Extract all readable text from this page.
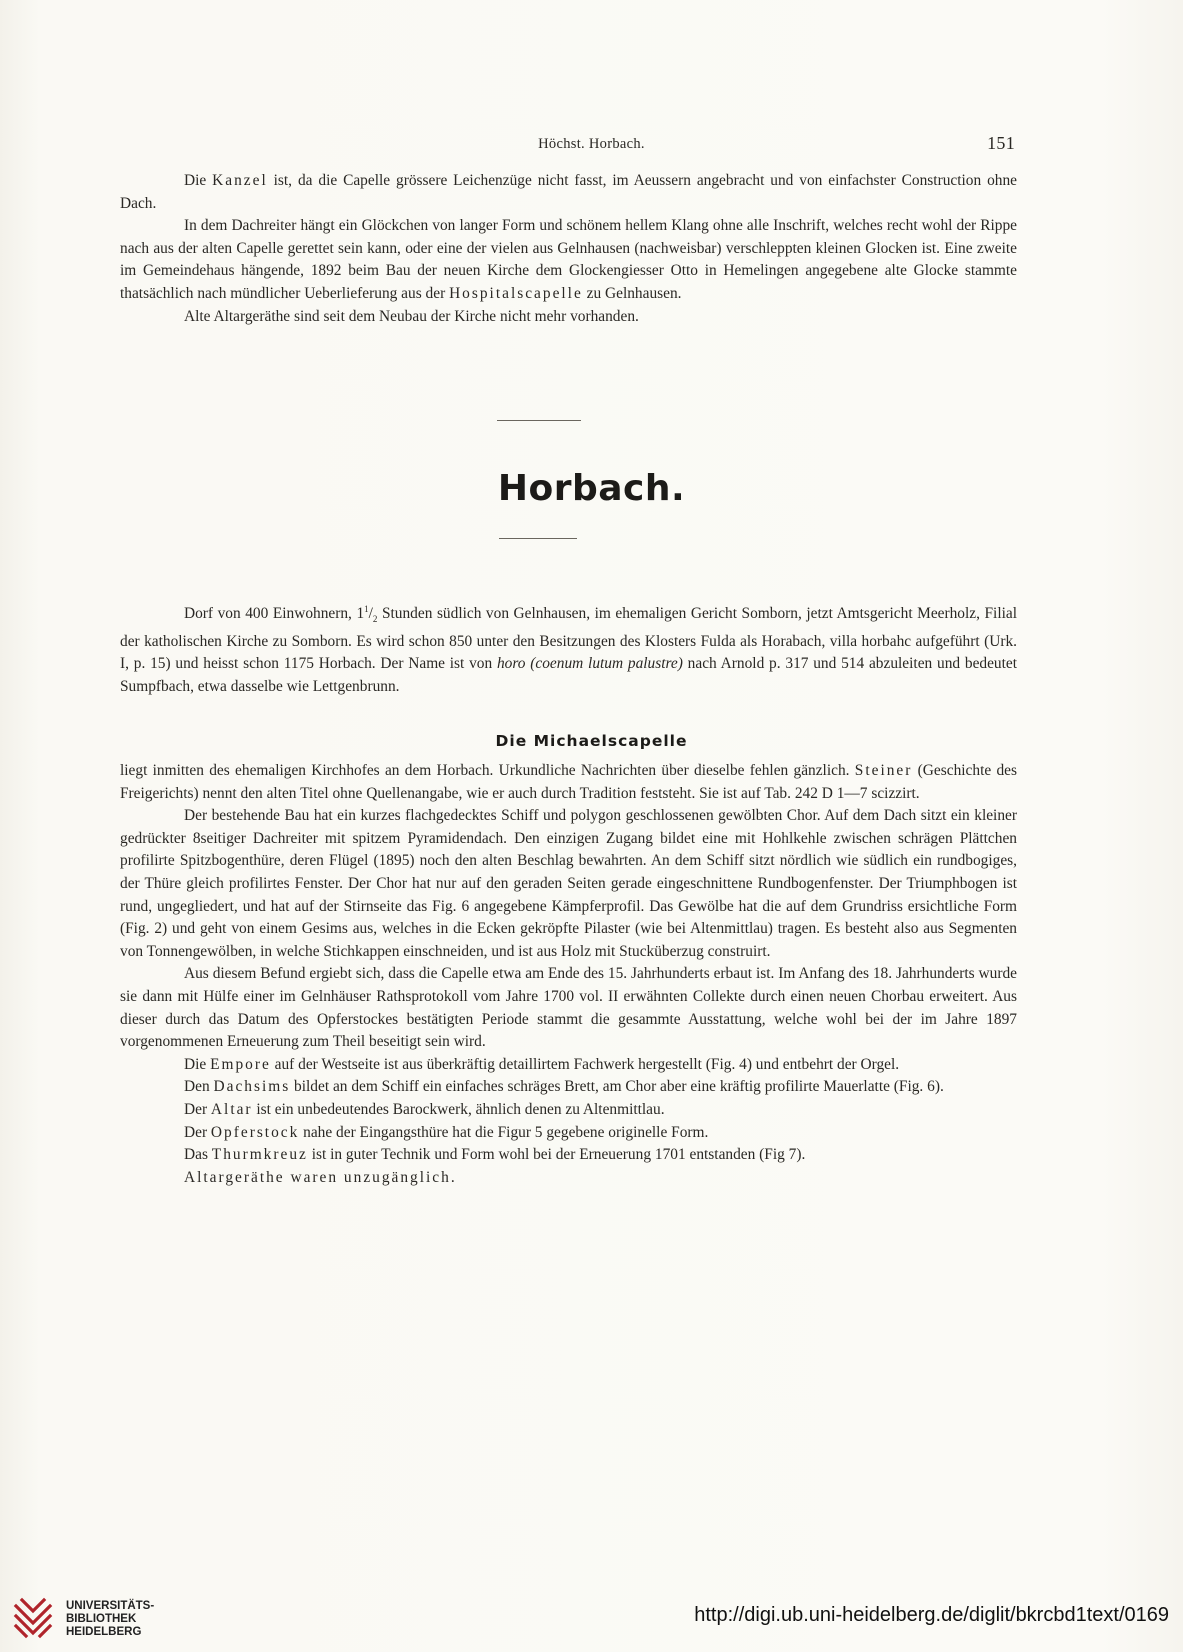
Höchst. Horbach.	151

Die Kanzel ist, da die Capelle grössere Leichenzüge nicht fasst, im Aeussern angebracht und von einfachster Construction ohne Dach.

In dem Dachreiter hängt ein Glöckchen von langer Form und schönem hellem Klang ohne alle Inschrift, welches recht wohl der Rippe nach aus der alten Capelle gerettet sein kann, oder eine der vielen aus Gelnhausen (nachweisbar) verschleppten kleinen Glocken ist. Eine zweite im Gemeindehaus hängende, 1892 beim Bau der neuen Kirche dem Glockengiesser Otto in Hemelingen angegebene alte Glocke stammte thatsächlich nach mündlicher Ueberlieferung aus der Hospitalscapelle zu Gelnhausen.

Alte Altargeräthe sind seit dem Neubau der Kirche nicht mehr vorhanden.

Horbach.

Dorf von 400 Einwohnern, $1^1/_2$ Stunden südlich von Gelnhausen, im ehemaligen Gericht Somborn, jetzt Amtsgericht Meerholz, Filial der katholischen Kirche zu Somborn. Es wird schon 850 unter den Besitzungen des Klosters Fulda als Horabach, villa horbahc aufgeführt (Urk. I, p. 15) und heisst schon 1175 Horbach. Der Name ist von horo (coenum lutum palustre) nach Arnold p. 317 und 514 abzuleiten und bedeutet Sumpfbach, etwa dasselbe wie Lettgenbrunn.

Die Michaelscapelle

liegt inmitten des ehemaligen Kirchhofes an dem Horbach. Urkundliche Nachrichten über dieselbe fehlen gänzlich. Steiner (Geschichte des Freigerichts) nennt den alten Titel ohne Quellenangabe, wie er auch durch Tradition feststeht. Sie ist auf Tab. 242 D 1—7 scizzirt.

Der bestehende Bau hat ein kurzes flachgedecktes Schiff und polygon geschlossenen gewölbten Chor. Auf dem Dach sitzt ein kleiner gedrückter 8seitiger Dachreiter mit spitzem Pyramidendach. Den einzigen Zugang bildet eine mit Hohlkehle zwischen schrägen Plättchen profilirte Spitzbogenthüre, deren Flügel (1895) noch den alten Beschlag bewahrten. An dem Schiff sitzt nördlich wie südlich ein rundbogiges, der Thüre gleich profilirtes Fenster. Der Chor hat nur auf den geraden Seiten gerade eingeschnittene Rundbogenfenster. Der Triumphbogen ist rund, ungegliedert, und hat auf der Stirnseite das Fig. 6 angegebene Kämpferprofil. Das Gewölbe hat die auf dem Grundriss ersichtliche Form (Fig. 2) und geht von einem Gesims aus, welches in die Ecken gekröpfte Pilaster (wie bei Altenmittlau) tragen. Es besteht also aus Segmenten von Tonnengewölben, in welche Stichkappen einschneiden, und ist aus Holz mit Stucküberzug construirt.

Aus diesem Befund ergiebt sich, dass die Capelle etwa am Ende des 15. Jahrhunderts erbaut ist. Im Anfang des 18. Jahrhunderts wurde sie dann mit Hülfe einer im Gelnhäuser Rathsprotokoll vom Jahre 1700 vol. II erwähnten Collekte durch einen neuen Chorbau erweitert. Aus dieser durch das Datum des Opferstockes bestätigten Periode stammt die gesammte Ausstattung, welche wohl bei der im Jahre 1897 vorgenommenen Erneuerung zum Theil beseitigt sein wird.

Die Empore auf der Westseite ist aus überkräftig detaillirtem Fachwerk hergestellt (Fig. 4) und entbehrt der Orgel.

Den Dachsims bildet an dem Schiff ein einfaches schräges Brett, am Chor aber eine kräftig profilirte Mauerlatte (Fig. 6).

Der Altar ist ein unbedeutendes Barockwerk, ähnlich denen zu Altenmittlau.

Der Opferstock nahe der Eingangsthüre hat die Figur 5 gegebene originelle Form.

Das Thurmkreuz ist in guter Technik und Form wohl bei der Erneuerung 1701 entstanden (Fig 7).

Altargeräthe waren unzugänglich.

UNIVERSITÄTS-
BIBLIOTHEK
HEIDELBERG
http://digi.ub.uni-heidelberg.de/diglit/bkrcbd1text/0169
